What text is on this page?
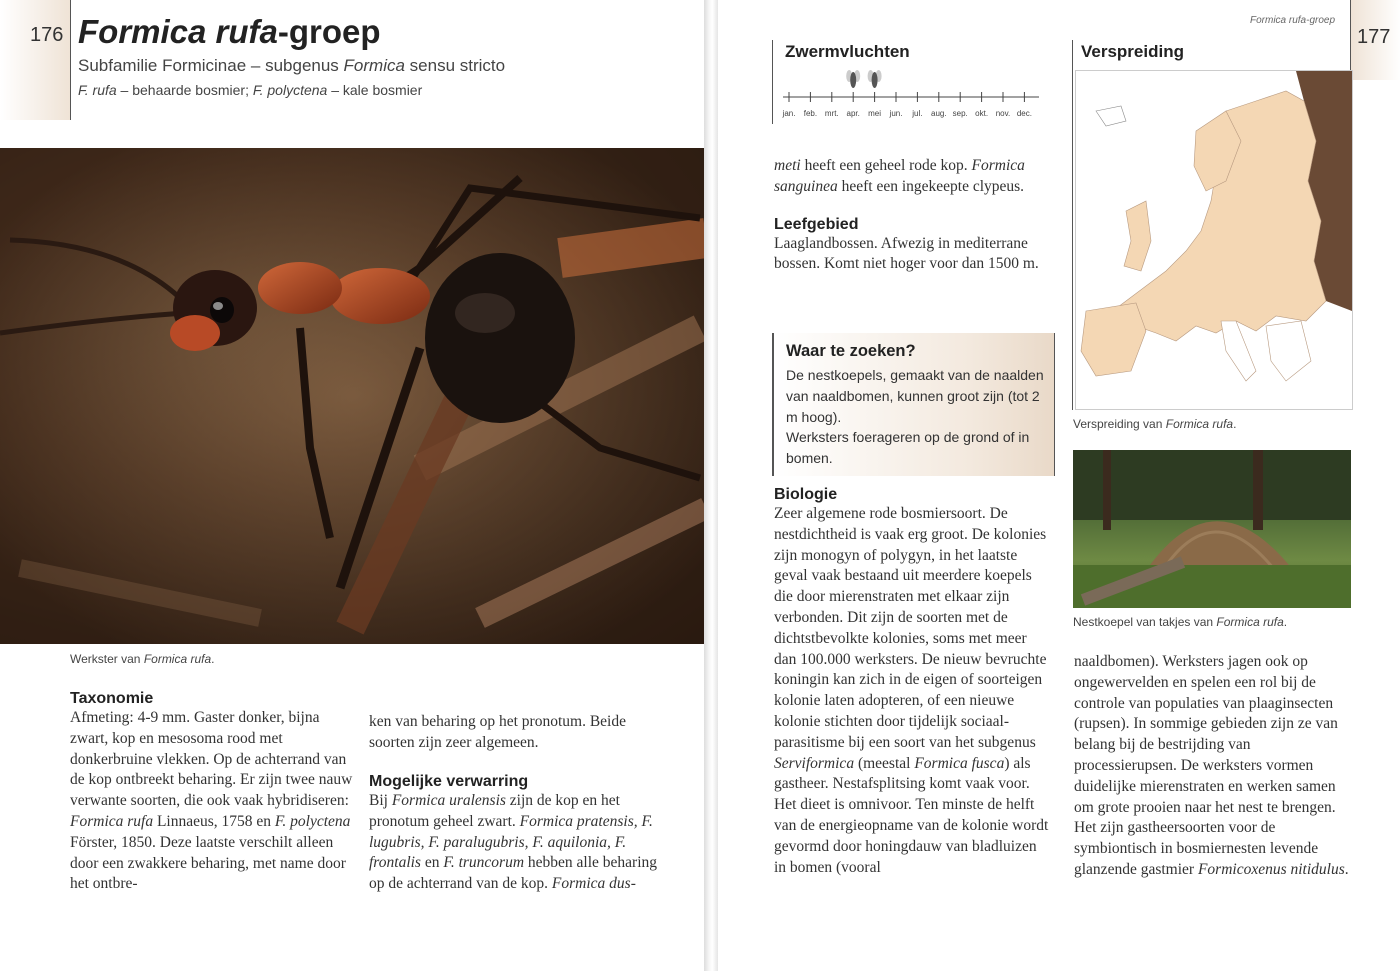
176 Formica rufa-groep
Subfamilie Formicinae – subgenus Formica sensu stricto
F. rufa – behaarde bosmier; F. polyctena – kale bosmier
Werkster van Formica rufa.
Taxonomie
Afmeting: 4-9 mm. Gaster donker, bijna zwart, kop en mesosoma rood met donkerbruine vlekken. Op de achterrand van de kop ontbreekt beharing. Er zijn twee nauw verwante soorten, die ook vaak hybridiseren: Formica rufa Linnaeus, 1758 en F. polyctena Förster, 1850. Deze laatste verschilt alleen door een zwakkere beharing, met name door het ontbre-
Mogelijke verwarring
Bij Formica uralensis zijn de kop en het pronotum geheel zwart. Formica pratensis, F. lugubris, F. paralugubris, F. aquilonia, F. frontalis en F. truncorum hebben alle beharing op de achterrand van de kop. Formica dus-
Formica rufa-groep
177
Zwermvluchten
jan. feb. mrt. apr. mei jun. jul. aug. sep. okt. nov. dec.
meti heeft een geheel rode kop. Formica sanguinea heeft een ingekeepte clypeus.
Leefgebied
Laaglandbossen. Afwezig in mediterrane bossen. Komt niet hoger voor dan 1500 m.
Waar te zoeken?
De nestkoepels, gemaakt van de naalden van naaldbomen, kunnen groot zijn (tot 2 m hoog).
Werksters foerageren op de grond of in bomen.
Biologie
Zeer algemene rode bosmiersoort. De nestdichtheid is vaak erg groot. De kolonies zijn monogyn of polygyn, in het laatste geval vaak bestaand uit meerdere koepels die door mierenstraten met elkaar zijn verbonden. Dit zijn de soorten met de dichtstbevolkte kolonies, soms met meer dan 100.000 werksters. De nieuw bevruchte koningin kan zich in de eigen of soorteigen kolonie laten adopteren, of een nieuwe kolonie stichten door tijdelijk sociaal-parasitisme bij een soort van het subgenus Serviformica (meestal Formica fusca) als gastheer. Nestafsplitsing komt vaak voor. Het dieet is omnivoor. Ten minste de helft van de energieopname van de kolonie wordt gevormd door honingdauw van bladluizen in bomen (vooral
Verspreiding
Verspreiding van Formica rufa.
Nestkoepel van takjes van Formica rufa.
naaldbomen). Werksters jagen ook op ongewervelden en spelen een rol bij de controle van populaties van plaaginsecten (rupsen). In sommige gebieden zijn ze van belang bij de bestrijding van processierupsen. De werksters vormen duidelijke mierenstraten en werken samen om grote prooien naar het nest te brengen. Het zijn gastheersoorten voor de symbiontisch in bosmiernesten levende glanzende gastmier Formicoxenus nitidulus.
ken van beharing op het pronotum. Beide soorten zijn zeer algemeen.
